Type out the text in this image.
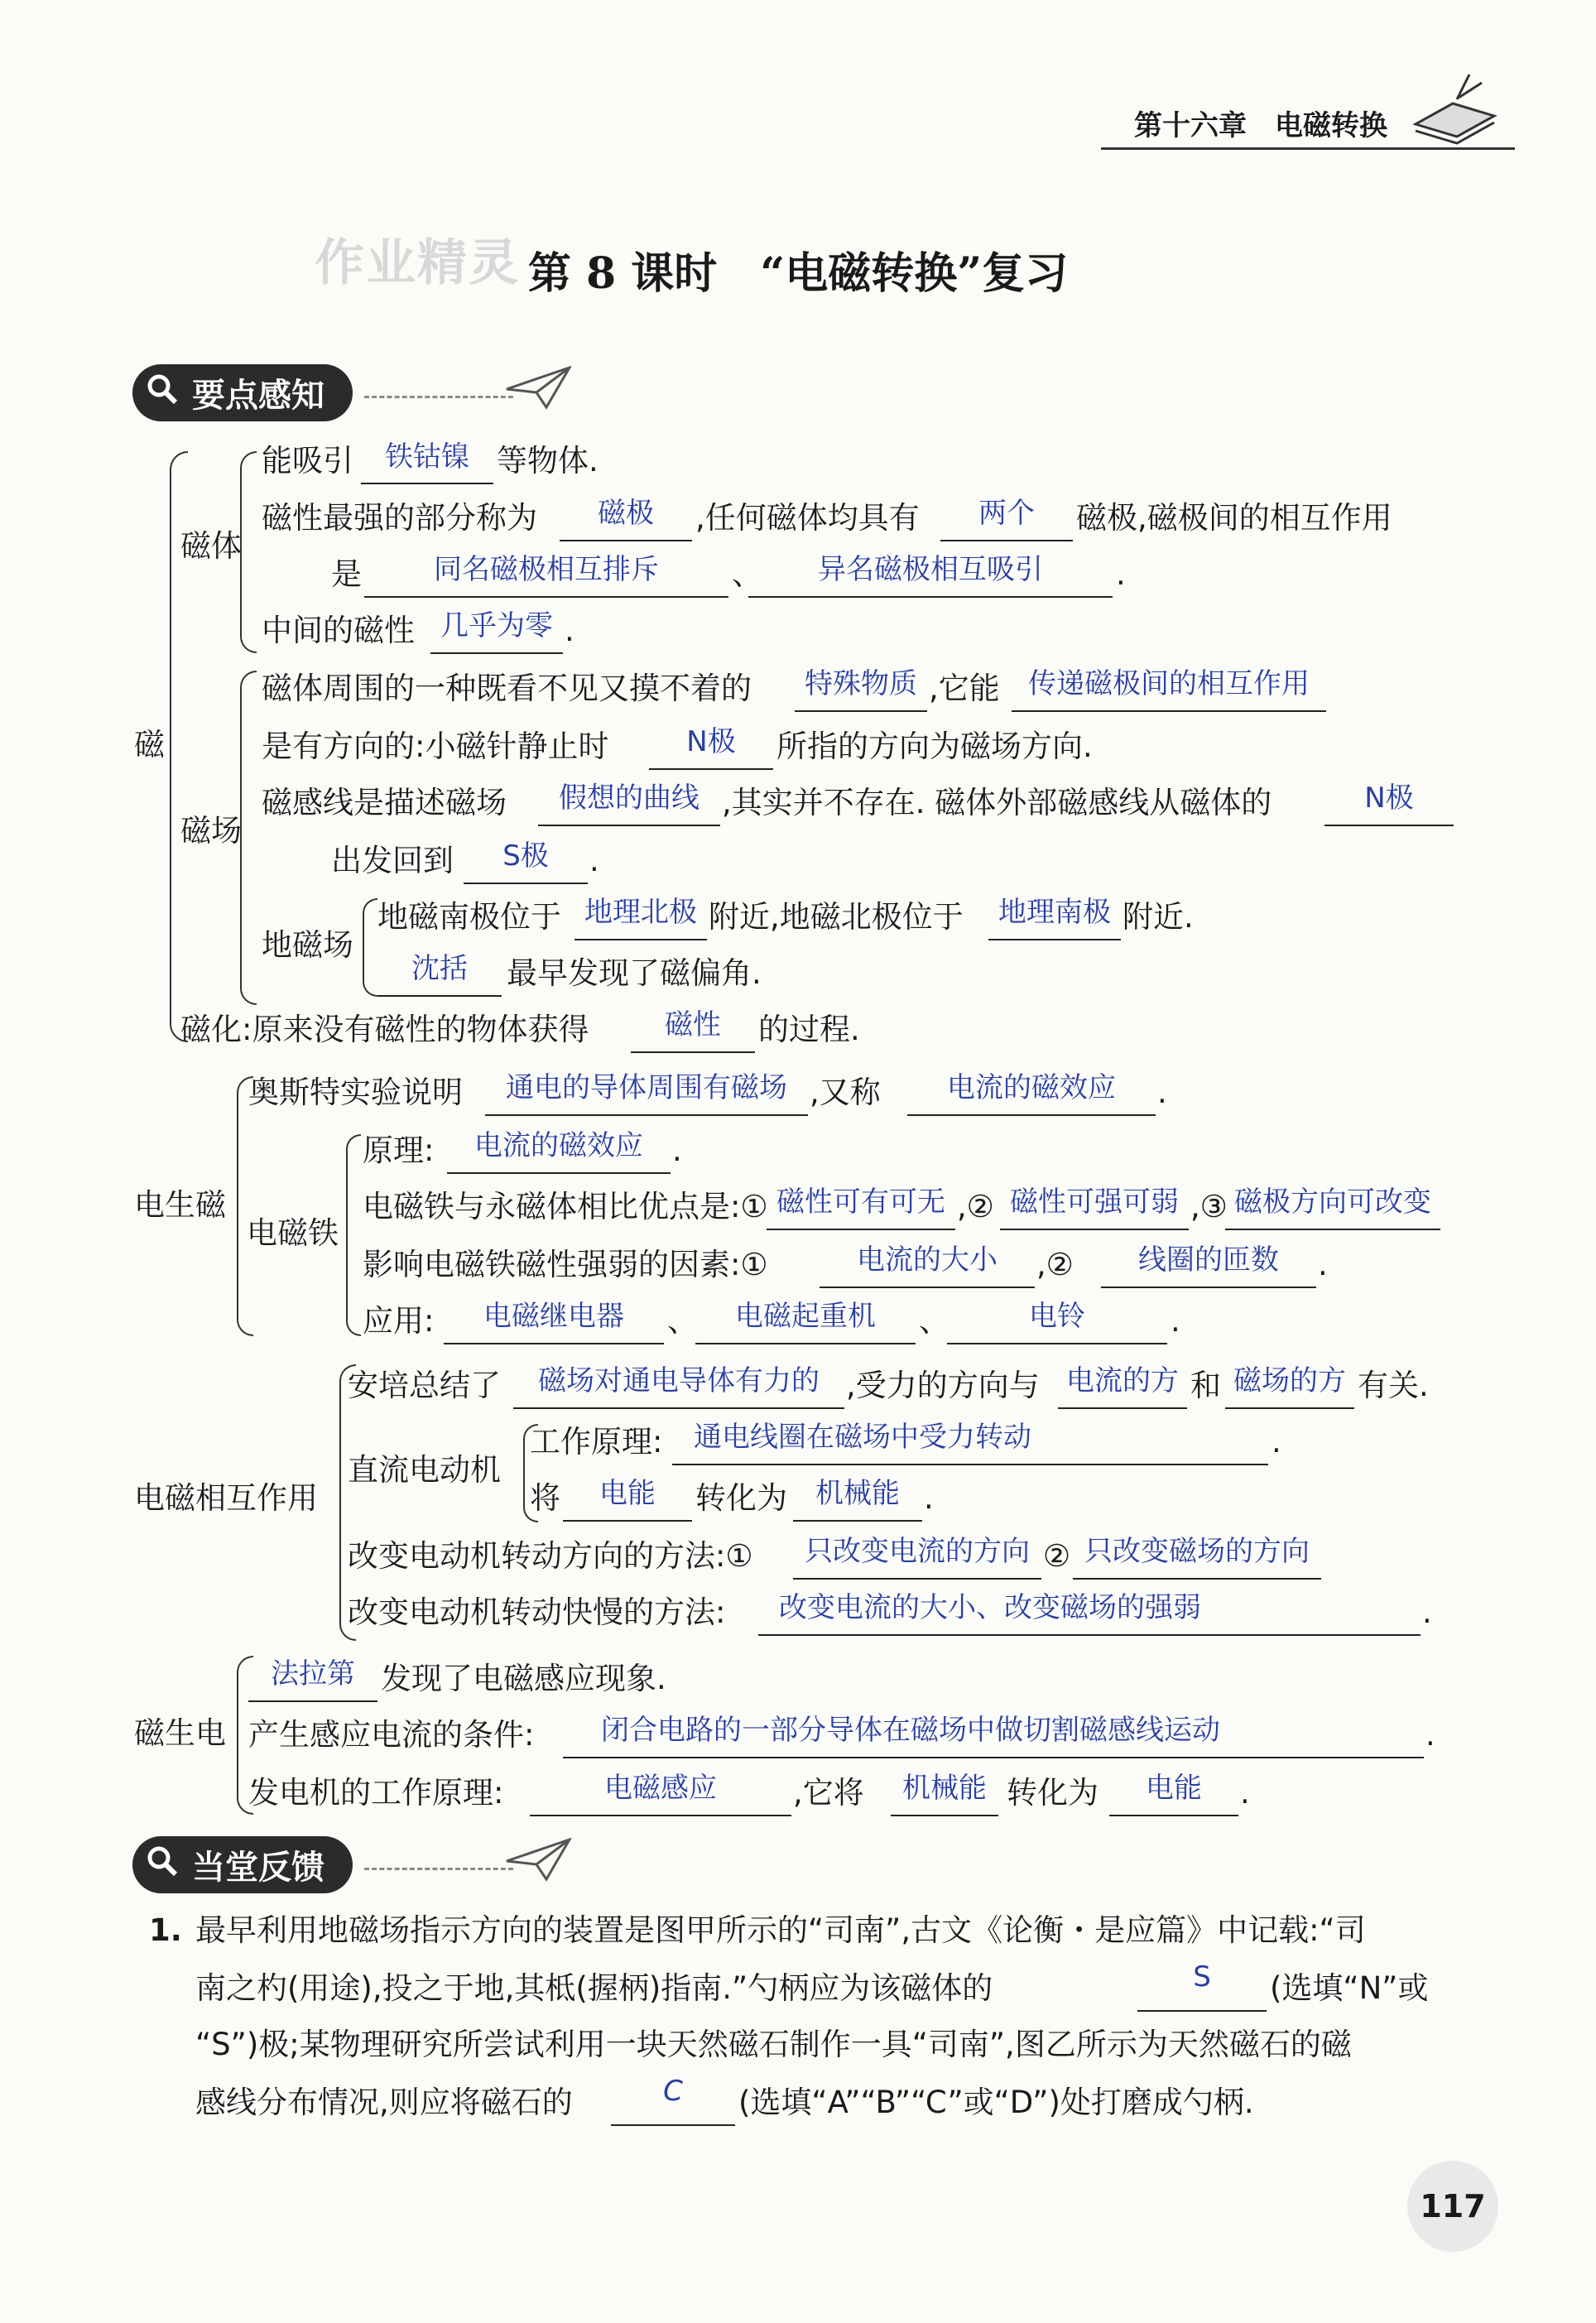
第十六章　电磁转换
作业精灵 第 8 课时　“电磁转换”复习
要点感知
磁
磁体
磁场
地磁场
能吸引	铁钴镍 等物体.
磁性最强的部分称为	磁极	,任何磁体均具有	两个	磁极,磁极间的相互作用
是	同名磁极相互排斥	、	异名磁极相互吸引	.
中间的磁性 几乎为零 .
磁体周围的一种既看不见又摸不着的	特殊物质 ,它能	传递磁极间的相互作用
是有方向的:小磁针静止时	N极	所指的方向为磁场方向.
磁感线是描述磁场	假想的曲线 ,其实并不存在. 磁体外部磁感线从磁体的	N极
出发回到	S极	.
地磁南极位于 地理北极 附近,地磁北极位于	地理南极 附近.
沈括	最早发现了磁偏角.
磁化:原来没有磁性的物体获得	磁性	的过程.
电生磁
电磁铁
奥斯特实验说明	通电的导体周围有磁场 ,又称	电流的磁效应	.
原理:	电流的磁效应 .
电磁铁与永磁体相比优点是:① 磁性可有可无 ,② 磁性可强可弱 ,③ 磁极方向可改变
影响电磁铁磁性强弱的因素:①	电流的大小	,②	线圈的匝数	.
应用:	电磁继电器	、	电磁起重机	、	电铃	.
电磁相互作用
直流电动机
安培总结了	磁场对通电导体有力的 ,受力的方向与 电流的方 和 磁场的方 有关.
工作原理:	通电线圈在磁场中受力转动	.
将	电能	转化为	机械能 .
改变电动机转动方向的方法:①	只改变电流的方向 ② 只改变磁场的方向
改变电动机转动快慢的方法:	改变电流的大小、改变磁场的强弱	.
磁生电
法拉第 发现了电磁感应现象.
产生感应电流的条件:	闭合电路的一部分导体在磁场中做切割磁感线运动	.
发电机的工作原理:	电磁感应	,它将	机械能 转化为	电能	.
当堂反馈
1. 最早利用地磁场指示方向的装置是图甲所示的“司南”,古文《论衡・是应篇》中记载:“司
南之杓(用途),投之于地,其柢(握柄)指南.”勺柄应为该磁体的	S	(选填“N”或
“S”)极;某物理研究所尝试利用一块天然磁石制作一具“司南”,图乙所示为天然磁石的磁
感线分布情况,则应将磁石的	C	(选填“A”“B”“C”或“D”)处打磨成勺柄.
117
